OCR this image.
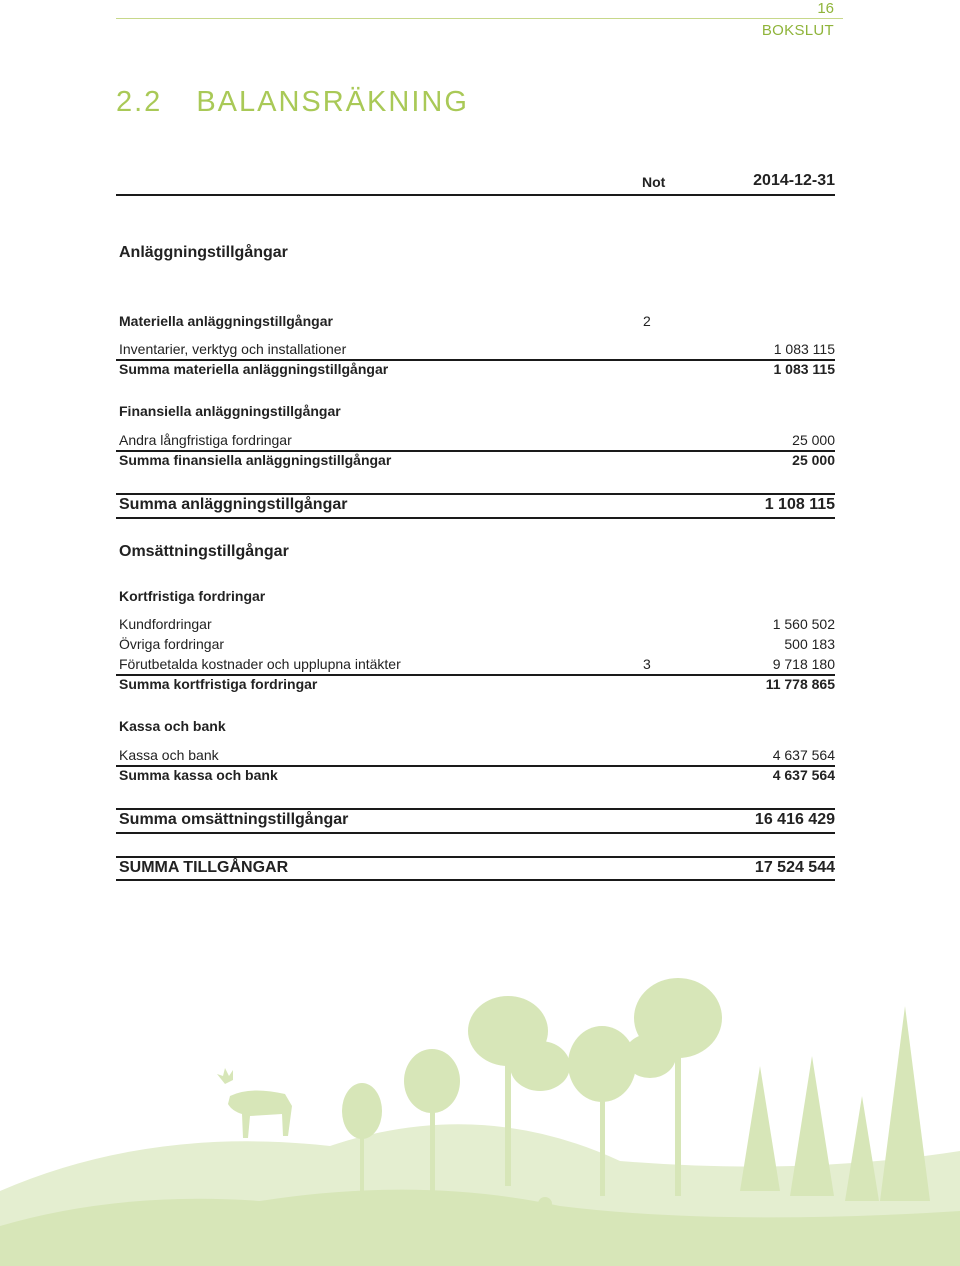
16
BOKSLUT
2.2 BALANSRÄKNING
Not	2014-12-31
Anläggningstillgångar
Materiella anläggningstillgångar	2
Inventarier, verktyg och installationer	1 083 115
Summa materiella anläggningstillgångar	1 083 115
Finansiella anläggningstillgångar
Andra långfristiga fordringar	25 000
Summa finansiella anläggningstillgångar	25 000
Summa anläggningstillgångar	1 108 115
Omsättningstillgångar
Kortfristiga fordringar
Kundfordringar	1 560 502
Övriga fordringar	500 183
Förutbetalda kostnader och upplupna intäkter	3	9 718 180
Summa kortfristiga fordringar	11 778 865
Kassa och bank
Kassa och bank	4 637 564
Summa kassa och bank	4 637 564
Summa omsättningstillgångar	16 416 429
SUMMA TILLGÅNGAR	17 524 544
